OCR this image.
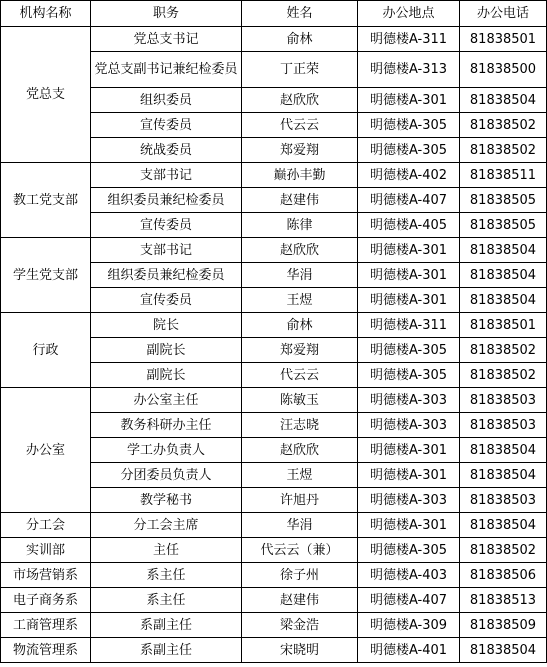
机构名称	职务	姓名	办公地点	办公电话
党总支	党总支书记	俞林	明德楼A-311	81838501
	党总支副书记兼纪检委员	丁正荣	明德楼A-313	81838500
	组织委员	赵欣欣	明德楼A-301	81838504
	宣传委员	代云云	明德楼A-305	81838502
	统战委员	郑爱翔	明德楼A-305	81838502
教工党支部	支部书记	巅孙丰勤	明德楼A-402	81838511
	组织委员兼纪检委员	赵建伟	明德楼A-407	81838505
	宣传委员	陈律	明德楼A-405	81838505
学生党支部	支部书记	赵欣欣	明德楼A-301	81838504
	组织委员兼纪检委员	华涓	明德楼A-301	81838504
	宣传委员	王煜	明德楼A-301	81838504
行政	院长	俞林	明德楼A-311	81838501
	副院长	郑爱翔	明德楼A-305	81838502
	副院长	代云云	明德楼A-305	81838502
办公室	办公室主任	陈敏玉	明德楼A-303	81838503
	教务科研办主任	汪志晓	明德楼A-303	81838503
	学工办负责人	赵欣欣	明德楼A-301	81838504
	分团委员负责人	王煜	明德楼A-301	81838504
	教学秘书	许旭丹	明德楼A-303	81838503
分工会	分工会主席	华涓	明德楼A-301	81838504
实训部	主任	代云云（兼）	明德楼A-305	81838502
市场营销系	系主任	徐子州	明德楼A-403	81838506
电子商务系	系主任	赵建伟	明德楼A-407	81838513
工商管理系	系副主任	梁金浩	明德楼A-309	81838509
物流管理系	系副主任	宋晓明	明德楼A-401	81838504
